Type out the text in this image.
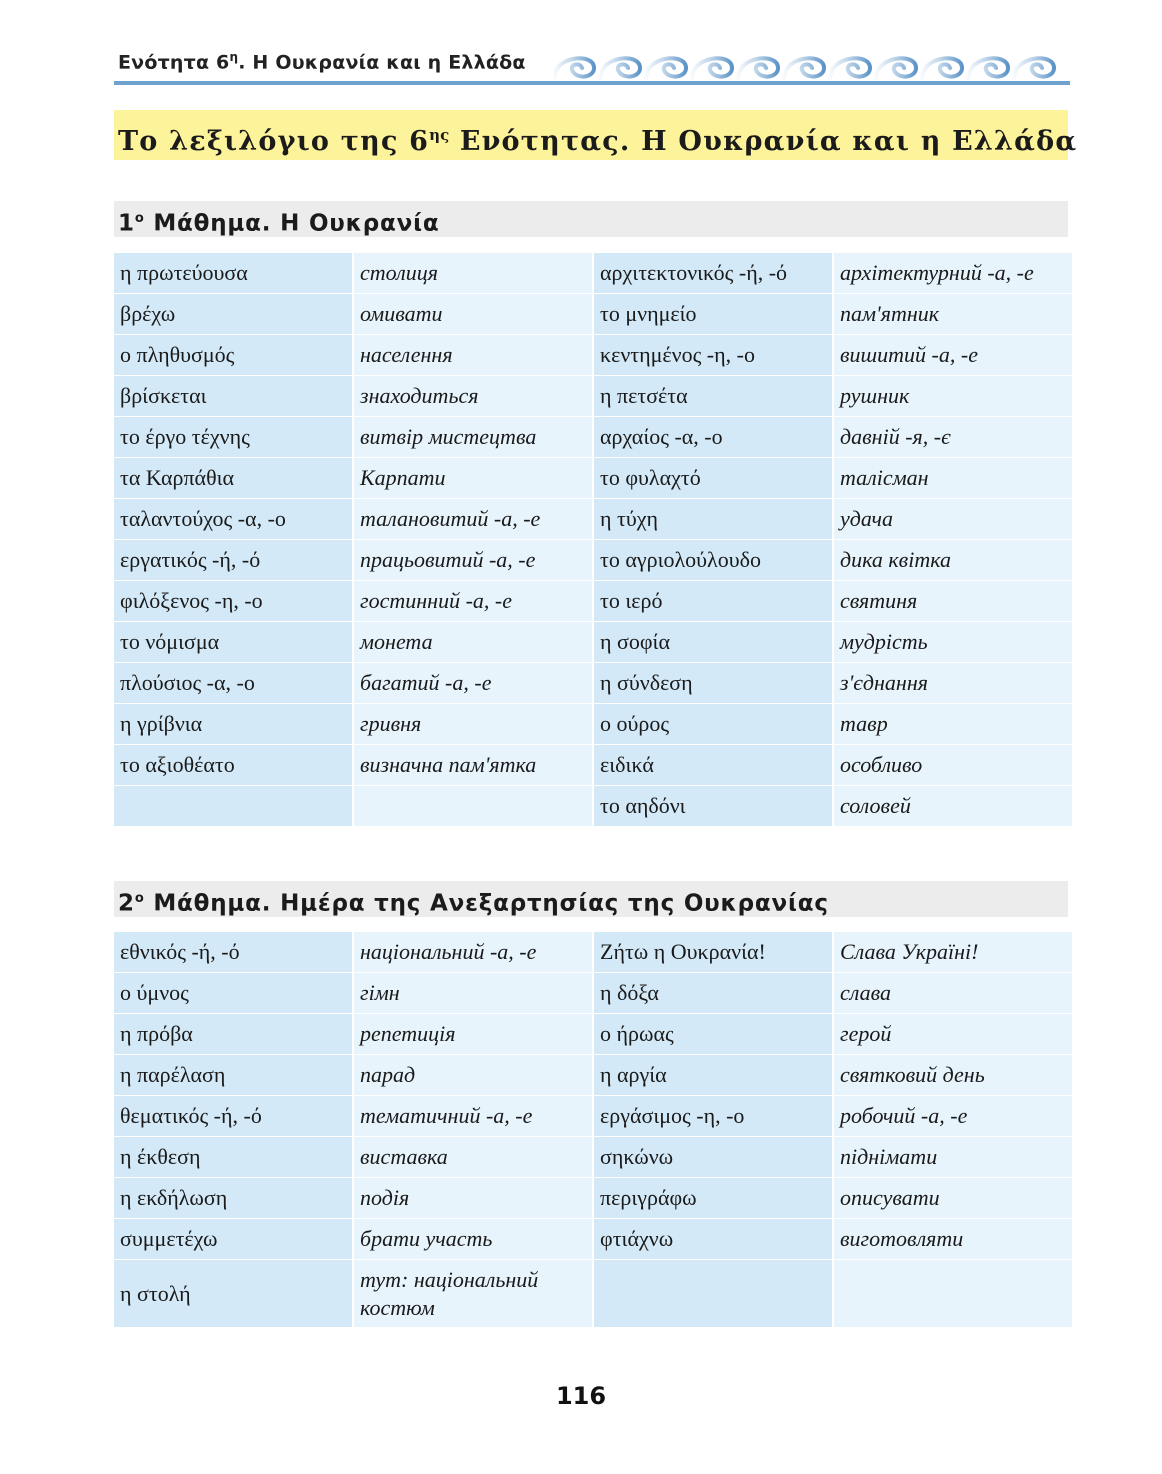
Ενότητα $6^\eta$. Η Ουκρανία και η Ελλάδα
Το λεξιλόγιο της $6^{\eta\varsigma}$ Ενότητας. Η Ουκρανία και η Ελλάδα
$1^o$ Μάθημα. Η Ουκρανία
η πρωτεύουσα	столиця	αρχιτεκτονικός -ή, -ό	архітектурний -а, -е
βρέχω	омивати	το μνημείο	пам'ятник
ο πληθυσμός	населення	κεντημένος -η, -ο	вишитий -а, -е
βρίσκεται	знаходиться	η πετσέτα	рушник
το έργο τέχνης	витвір мистецтва	αρχαίος -α, -ο	давній -я, -є
τα Καρπάθια	Карпати	το φυλαχτό	талісман
ταλαντούχος -α, -ο	талановитий -а, -е	η τύχη	удача
εργατικός -ή, -ό	працьовитий -а, -е	το αγριολούλουδο	дика квітка
φιλόξενος -η, -ο	гостинний -а, -е	το ιερό	святиня
το νόμισμα	монета	η σοφία	мудрість
πλούσιος -α, -ο	багатий -а, -е	η σύνδεση	з'єднання
η γρίβνια	гривня	ο ούρος	тавр
το αξιοθέατο	визначна пам'ятка	ειδικά	особливо
		το αηδόνι	соловей
$2^o$ Μάθημα. Ημέρα της Ανεξαρτησίας της Ουκρανίας
εθνικός -ή, -ό	національний -а, -е	Ζήτω η Ουκρανία!	Слава Україні!
ο ύμνος	гімн	η δόξα	слава
η πρόβα	репетиція	ο ήρωας	герой
η παρέλαση	парад	η αργία	святковий день
θεματικός -ή, -ό	тематичний -а, -е	εργάσιμος -η, -ο	робочий -а, -е
η έκθεση	виставка	σηκώνω	піднімати
η εκδήλωση	подія	περιγράφω	описувати
συμμετέχω	брати участь	φτιάχνω	виготовляти
η στολή	тут: національний костюм		
116
